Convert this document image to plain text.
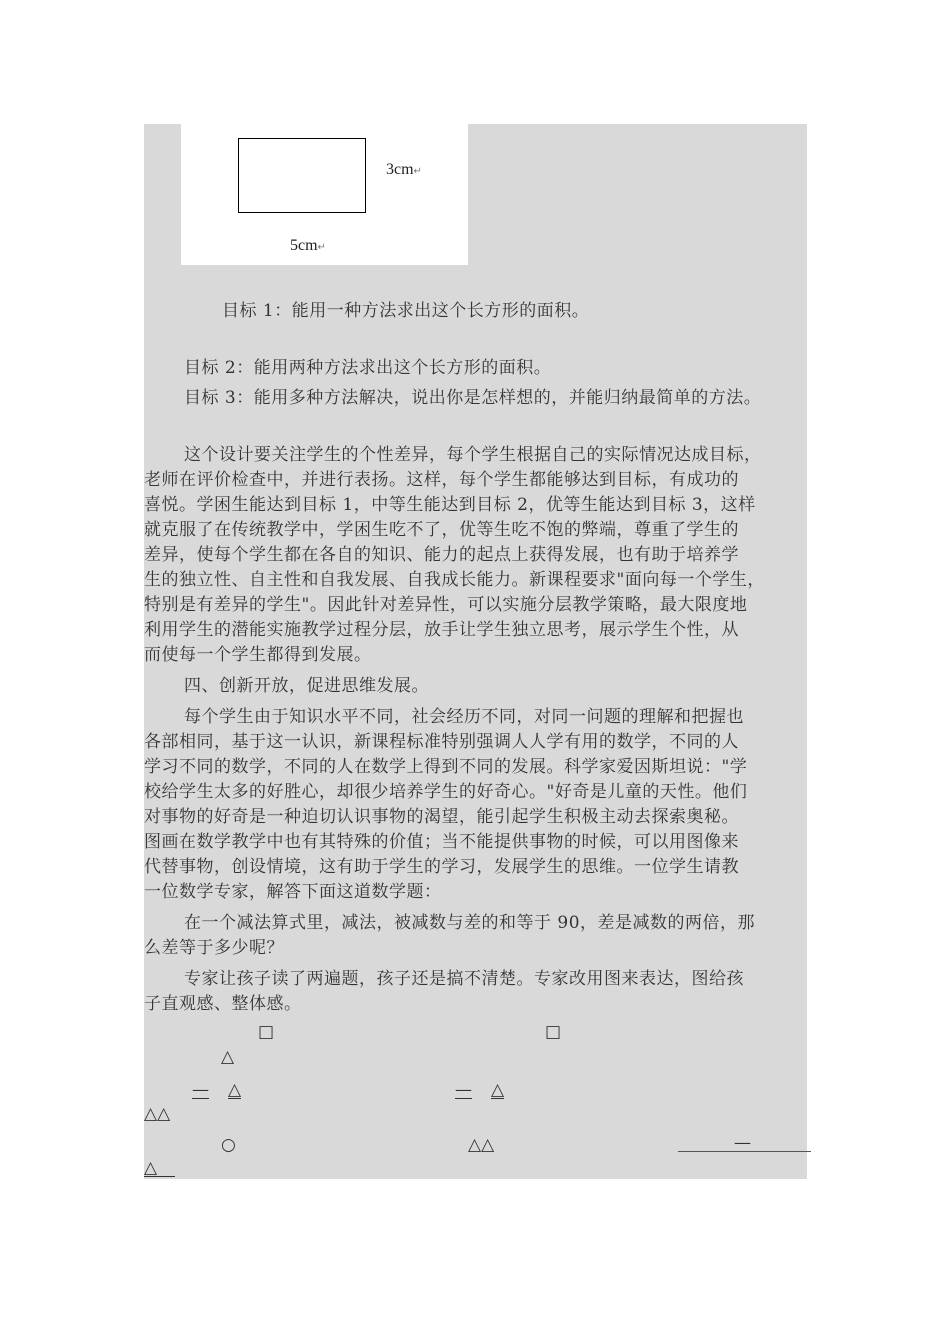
3cm↵
5cm↵
目标 1：能用一种方法求出这个长方形的面积。
目标 2：能用两种方法求出这个长方形的面积。
目标 3：能用多种方法解决，说出你是怎样想的，并能归纳最简单的方法。
这个设计要关注学生的个性差异，每个学生根据自己的实际情况达成目标，
老师在评价检查中，并进行表扬。这样，每个学生都能够达到目标，有成功的
喜悦。学困生能达到目标 1，中等生能达到目标 2，优等生能达到目标 3，这样
就克服了在传统教学中，学困生吃不了，优等生吃不饱的弊端，尊重了学生的
差异，使每个学生都在各自的知识、能力的起点上获得发展，也有助于培养学
生的独立性、自主性和自我发展、自我成长能力。新课程要求"面向每一个学生，
特别是有差异的学生"。因此针对差异性，可以实施分层教学策略，最大限度地
利用学生的潜能实施教学过程分层，放手让学生独立思考，展示学生个性，从
而使每一个学生都得到发展。
四、创新开放，促进思维发展。
每个学生由于知识水平不同，社会经历不同，对同一问题的理解和把握也
各部相同，基于这一认识，新课程标准特别强调人人学有用的数学，不同的人
学习不同的数学，不同的人在数学上得到不同的发展。科学家爱因斯坦说："学
校给学生太多的好胜心，却很少培养学生的好奇心。"好奇是儿童的天性。他们
对事物的好奇是一种迫切认识事物的渴望，能引起学生积极主动去探索奥秘。
图画在数学教学中也有其特殊的价值；当不能提供事物的时候，可以用图像来
代替事物，创设情境，这有助于学生的学习，发展学生的思维。一位学生请教
一位数学专家，解答下面这道数学题：
在一个减法算式里，减法，被减数与差的和等于 90，差是减数的两倍，那
么差等于多少呢？
专家让孩子读了两遍题，孩子还是搞不清楚。专家改用图来表达，图给孩
子直观感、整体感。
□	□
△
— △	— △
△△
○	△△	—
△
